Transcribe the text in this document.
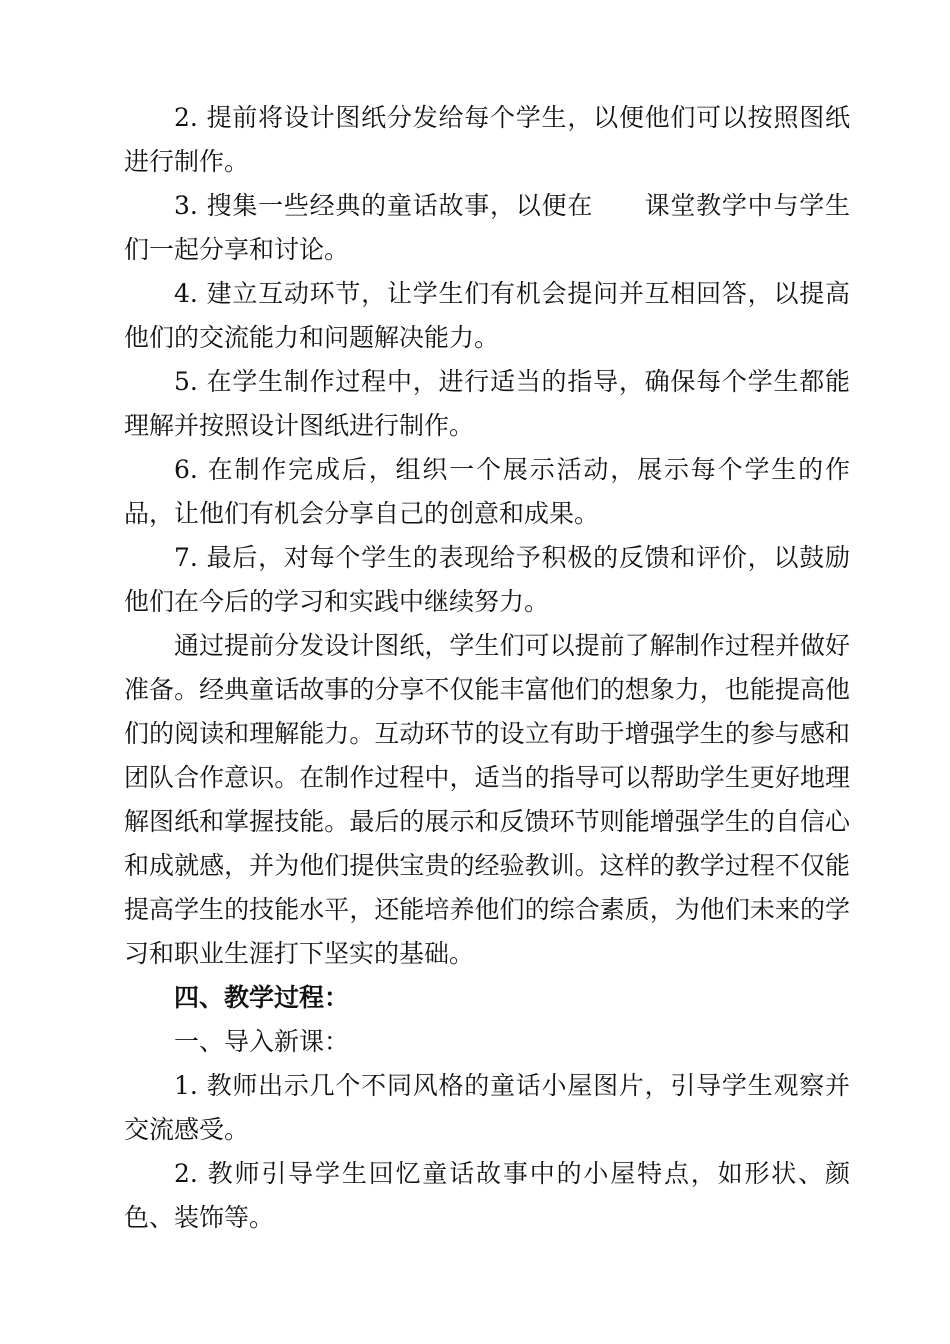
2. 提前将设计图纸分发给每个学生，以便他们可以按照图纸进行制作。

3. 搜集一些经典的童话故事，以便在　　课堂教学中与学生们一起分享和讨论。

4. 建立互动环节，让学生们有机会提问并互相回答，以提高他们的交流能力和问题解决能力。

5. 在学生制作过程中，进行适当的指导，确保每个学生都能理解并按照设计图纸进行制作。

6. 在制作完成后，组织一个展示活动，展示每个学生的作品，让他们有机会分享自己的创意和成果。

7. 最后，对每个学生的表现给予积极的反馈和评价，以鼓励他们在今后的学习和实践中继续努力。

通过提前分发设计图纸，学生们可以提前了解制作过程并做好准备。经典童话故事的分享不仅能丰富他们的想象力，也能提高他们的阅读和理解能力。互动环节的设立有助于增强学生的参与感和团队合作意识。在制作过程中，适当的指导可以帮助学生更好地理解图纸和掌握技能。最后的展示和反馈环节则能增强学生的自信心和成就感，并为他们提供宝贵的经验教训。这样的教学过程不仅能提高学生的技能水平，还能培养他们的综合素质，为他们未来的学习和职业生涯打下坚实的基础。

四、教学过程：

一、导入新课：

1. 教师出示几个不同风格的童话小屋图片，引导学生观察并交流感受。

2. 教师引导学生回忆童话故事中的小屋特点，如形状、颜色、装饰等。
